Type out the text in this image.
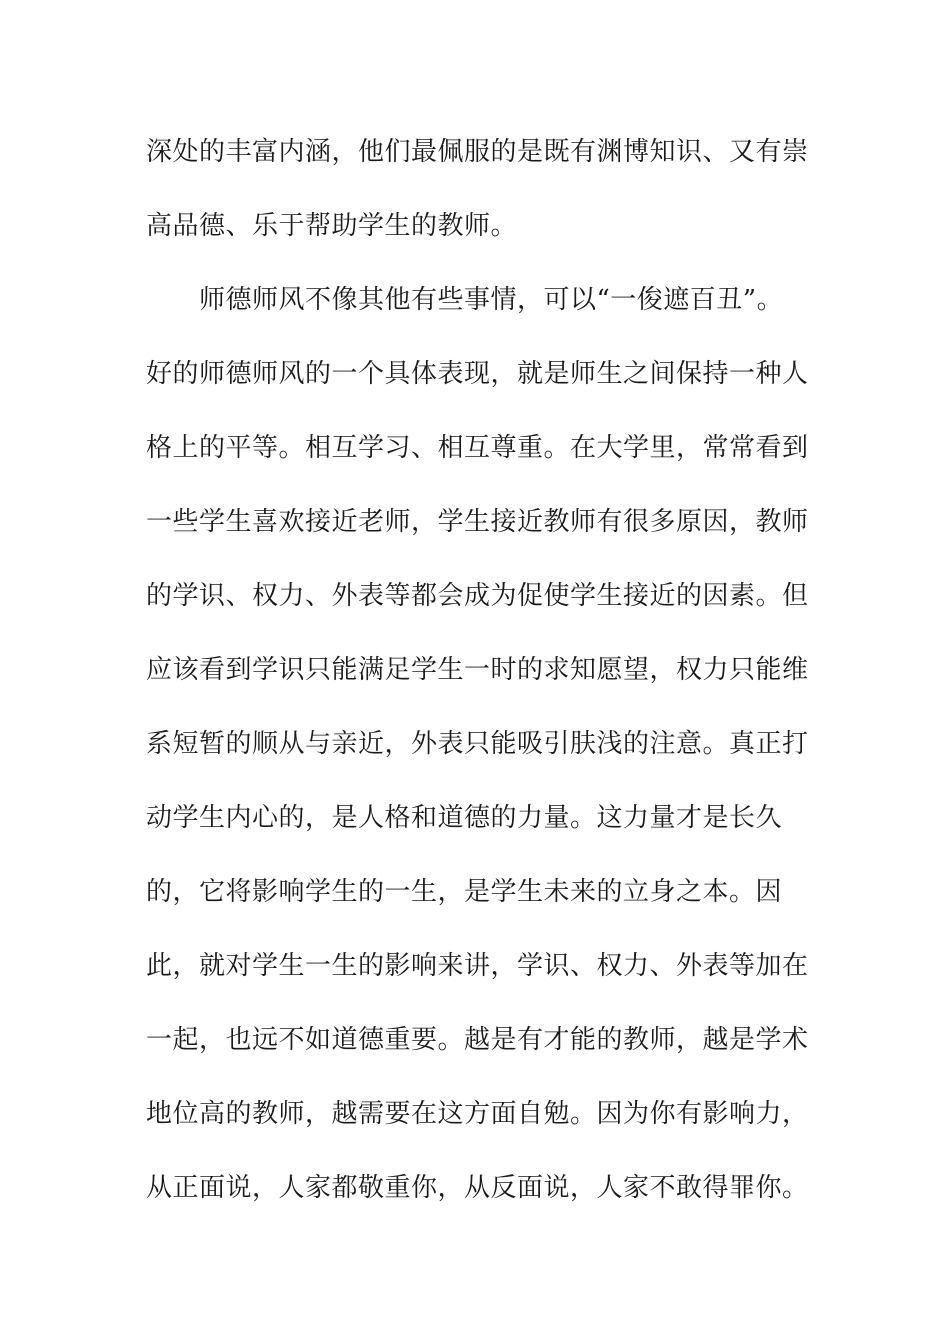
深处的丰富内涵，他们最佩服的是既有渊博知识、又有崇
高品德、乐于帮助学生的教师。
　　师德师风不像其他有些事情，可以“一俊遮百丑”。
好的师德师风的一个具体表现，就是师生之间保持一种人
格上的平等。相互学习、相互尊重。在大学里，常常看到
一些学生喜欢接近老师，学生接近教师有很多原因，教师
的学识、权力、外表等都会成为促使学生接近的因素。但
应该看到学识只能满足学生一时的求知愿望，权力只能维
系短暂的顺从与亲近，外表只能吸引肤浅的注意。真正打
动学生内心的，是人格和道德的力量。这力量才是长久
的，它将影响学生的一生，是学生未来的立身之本。因
此，就对学生一生的影响来讲，学识、权力、外表等加在
一起，也远不如道德重要。越是有才能的教师，越是学术
地位高的教师，越需要在这方面自勉。因为你有影响力，
从正面说，人家都敬重你，从反面说，人家不敢得罪你。
